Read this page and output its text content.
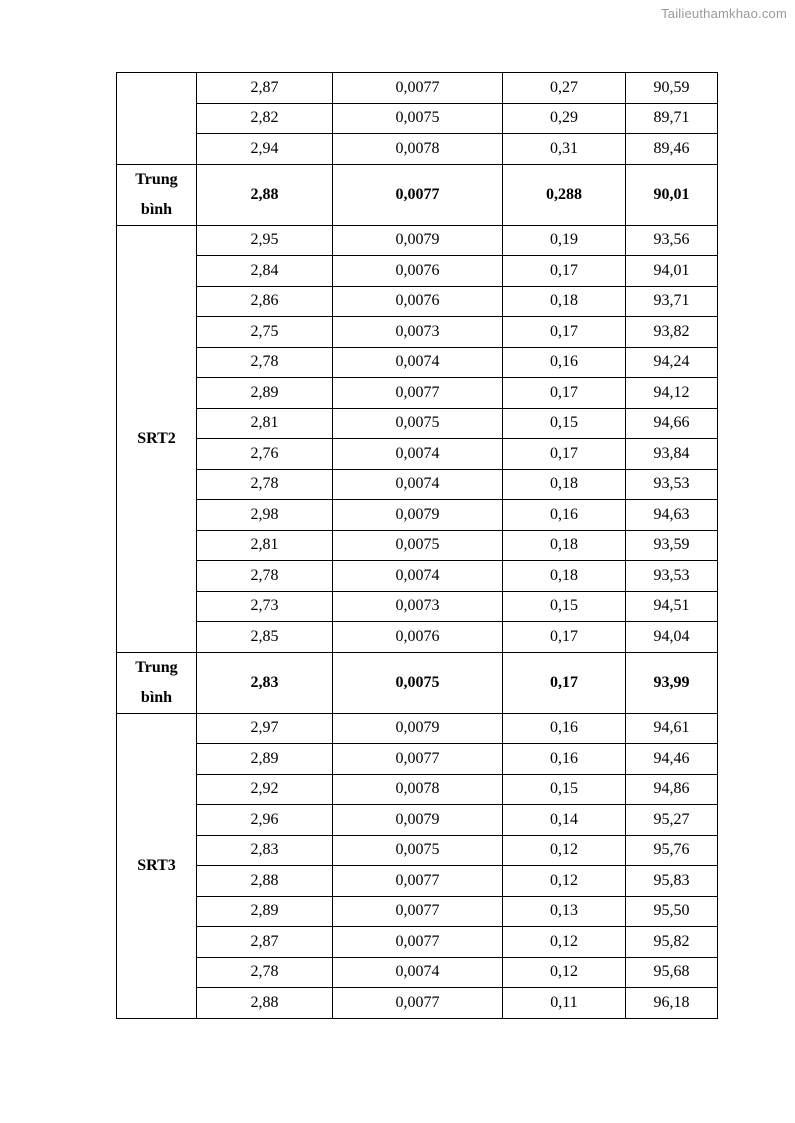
Tailieuthamkhao.com
	2,87	0,0077	0,27	90,59
	2,82	0,0075	0,29	89,71
	2,94	0,0078	0,31	89,46
Trung
bình	2,88	0,0077	0,288	90,01
SRT2	2,95	0,0079	0,19	93,56
	2,84	0,0076	0,17	94,01
	2,86	0,0076	0,18	93,71
	2,75	0,0073	0,17	93,82
	2,78	0,0074	0,16	94,24
	2,89	0,0077	0,17	94,12
	2,81	0,0075	0,15	94,66
	2,76	0,0074	0,17	93,84
	2,78	0,0074	0,18	93,53
	2,98	0,0079	0,16	94,63
	2,81	0,0075	0,18	93,59
	2,78	0,0074	0,18	93,53
	2,73	0,0073	0,15	94,51
	2,85	0,0076	0,17	94,04
Trung
bình	2,83	0,0075	0,17	93,99
SRT3	2,97	0,0079	0,16	94,61
	2,89	0,0077	0,16	94,46
	2,92	0,0078	0,15	94,86
	2,96	0,0079	0,14	95,27
	2,83	0,0075	0,12	95,76
	2,88	0,0077	0,12	95,83
	2,89	0,0077	0,13	95,50
	2,87	0,0077	0,12	95,82
	2,78	0,0074	0,12	95,68
	2,88	0,0077	0,11	96,18
